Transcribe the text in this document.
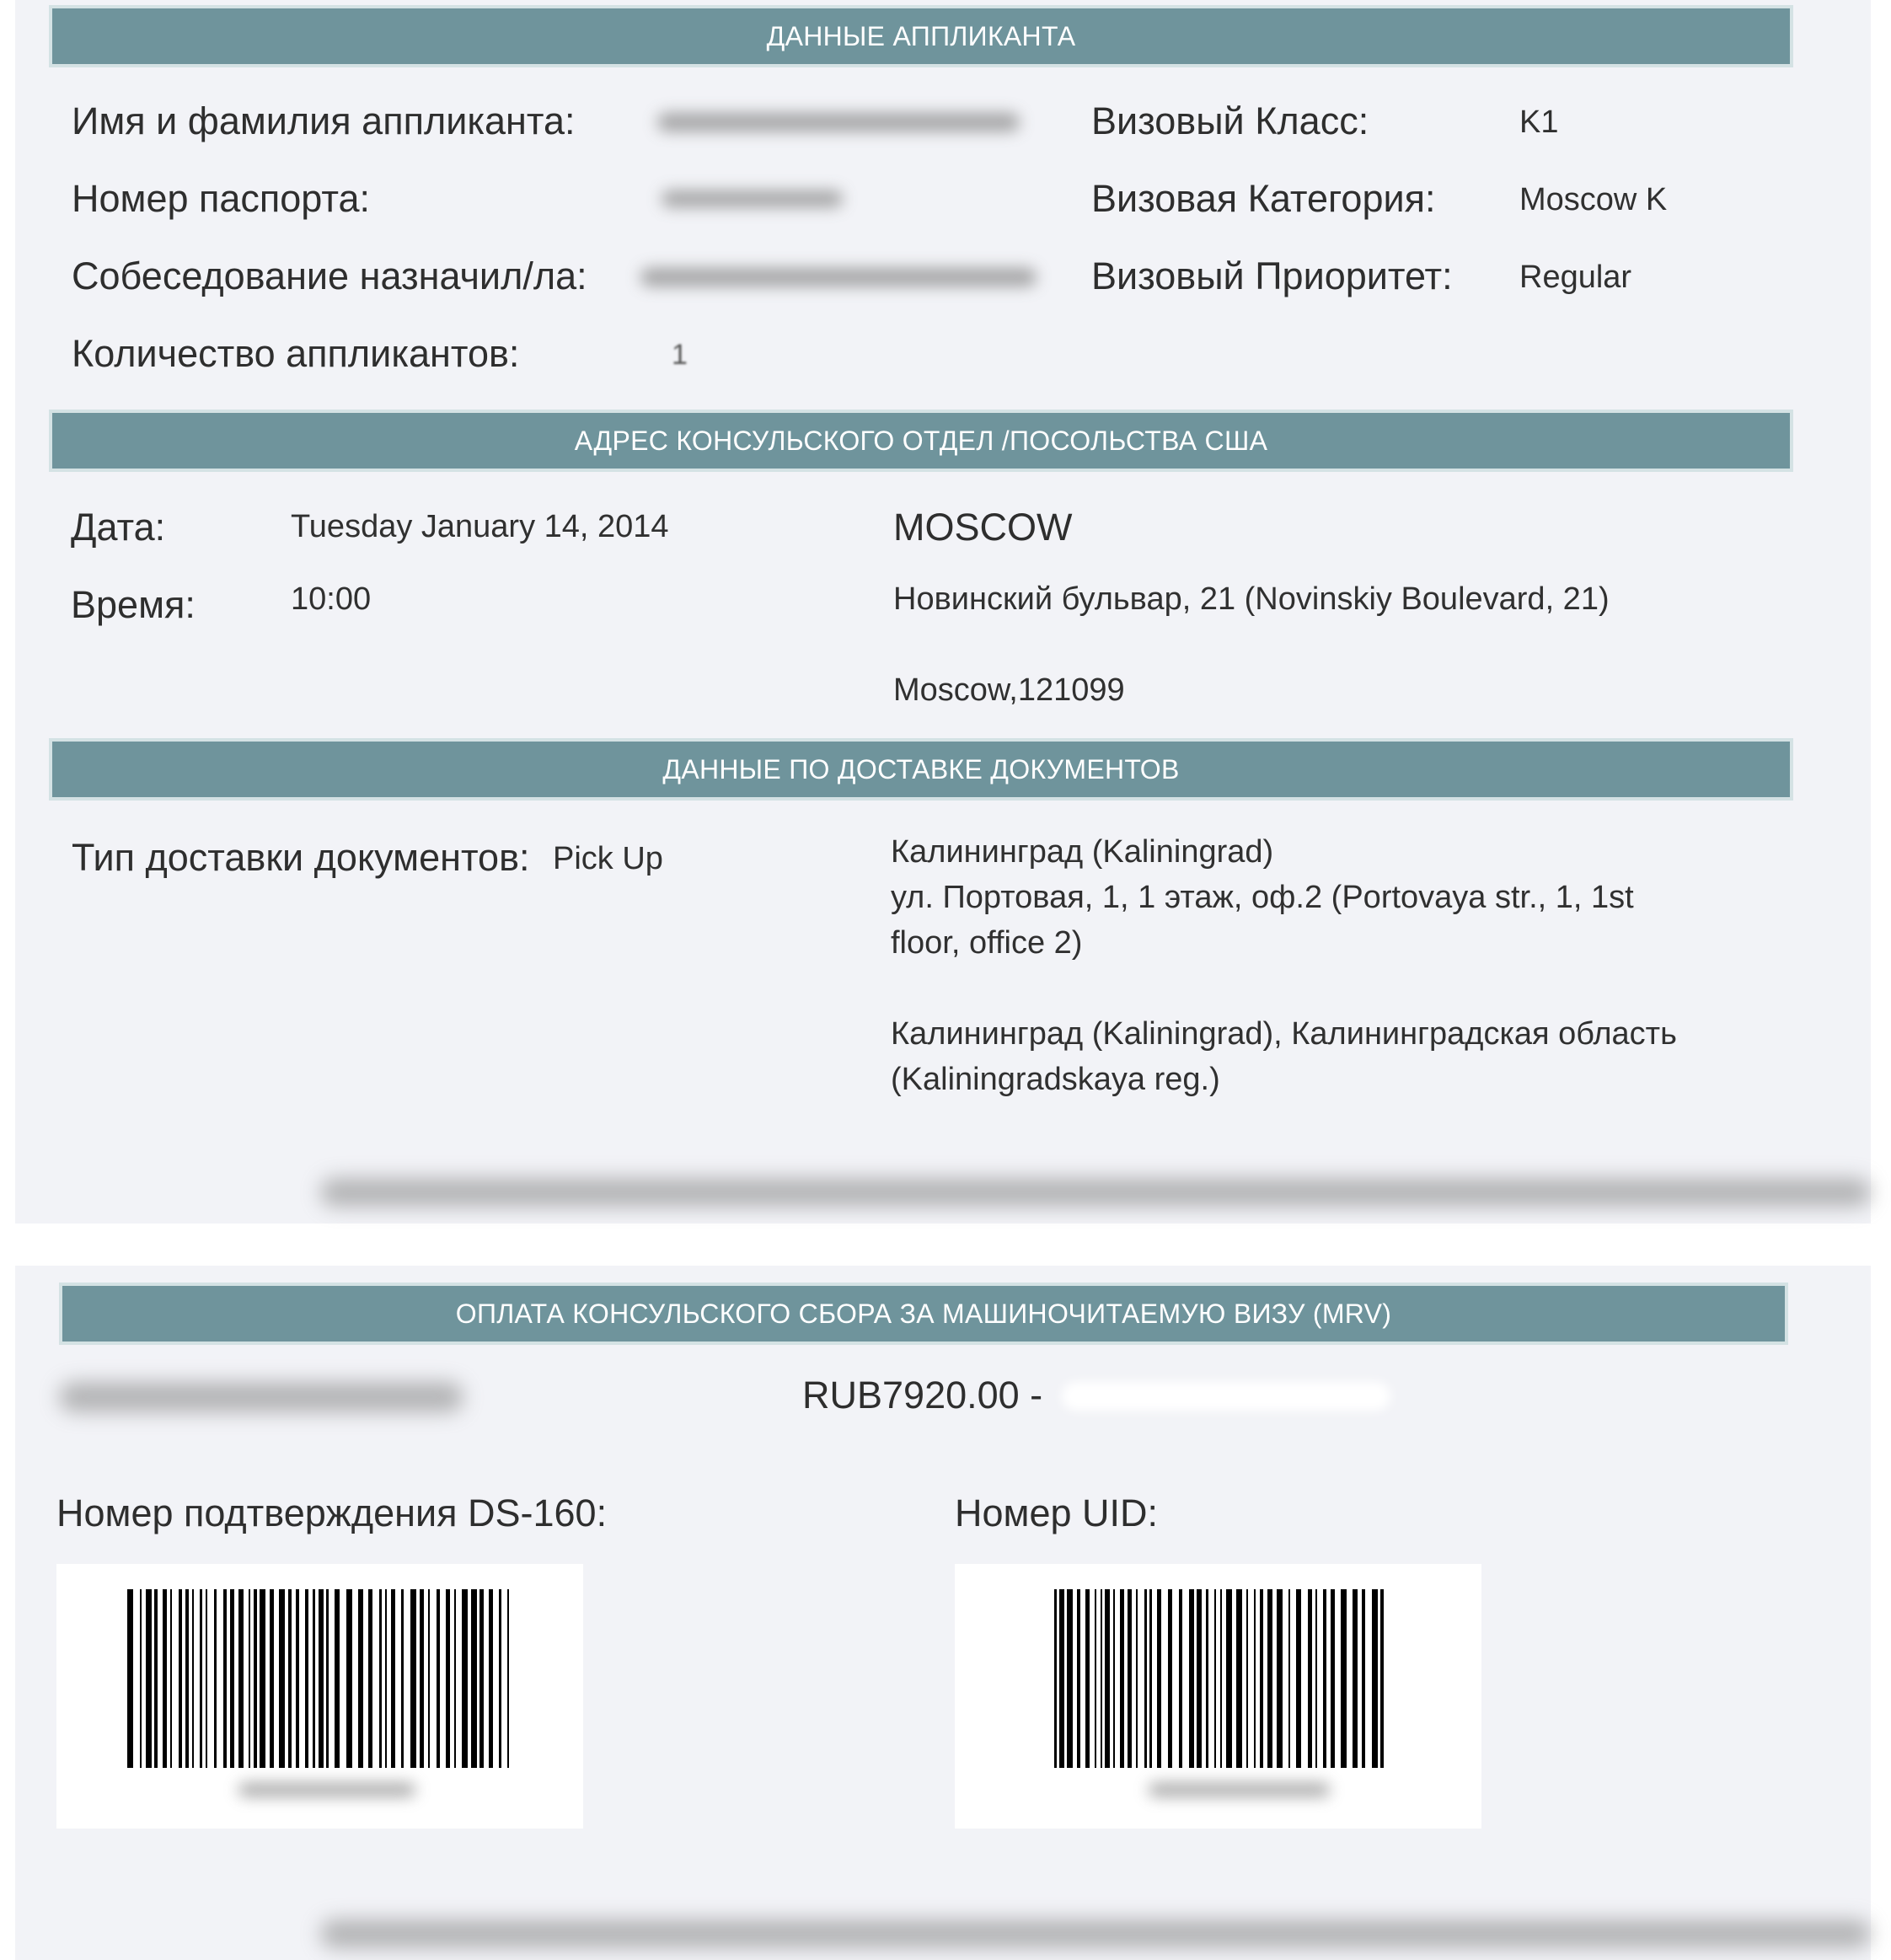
ДАННЫЕ АППЛИКАНТА
Имя и фамилия аппликанта:
Номер паспорта:
Собеседование назначил/ла:
Количество аппликантов:	1
Визовый Класс:	K1
Визовая Категория:	Moscow K
Визовый Приоритет: Regular
АДРЕС КОНСУЛЬСКОГО ОТДЕЛ /ПОСОЛЬСТВА США
Дата:	Tuesday January 14, 2014
Время:	10:00
MOSCOW
Новинский бульвар, 21 (Novinskiy Boulevard, 21)
Moscow,121099
ДАННЫЕ ПО ДОСТАВКЕ ДОКУМЕНТОВ
Тип доставки документов: Pick Up	Калининград (Kaliningrad)
ул. Портовая, 1, 1 этаж, оф.2 (Portovaya str., 1, 1st
floor, office 2)
Калининград (Kaliningrad), Калининградская область
(Kaliningradskaya reg.)
ОПЛАТА КОНСУЛЬСКОГО СБОРА ЗА МАШИНОЧИТАЕМУЮ ВИЗУ (MRV)
RUB7920.00 -
Номер подтверждения DS-160:	Номер UID:
